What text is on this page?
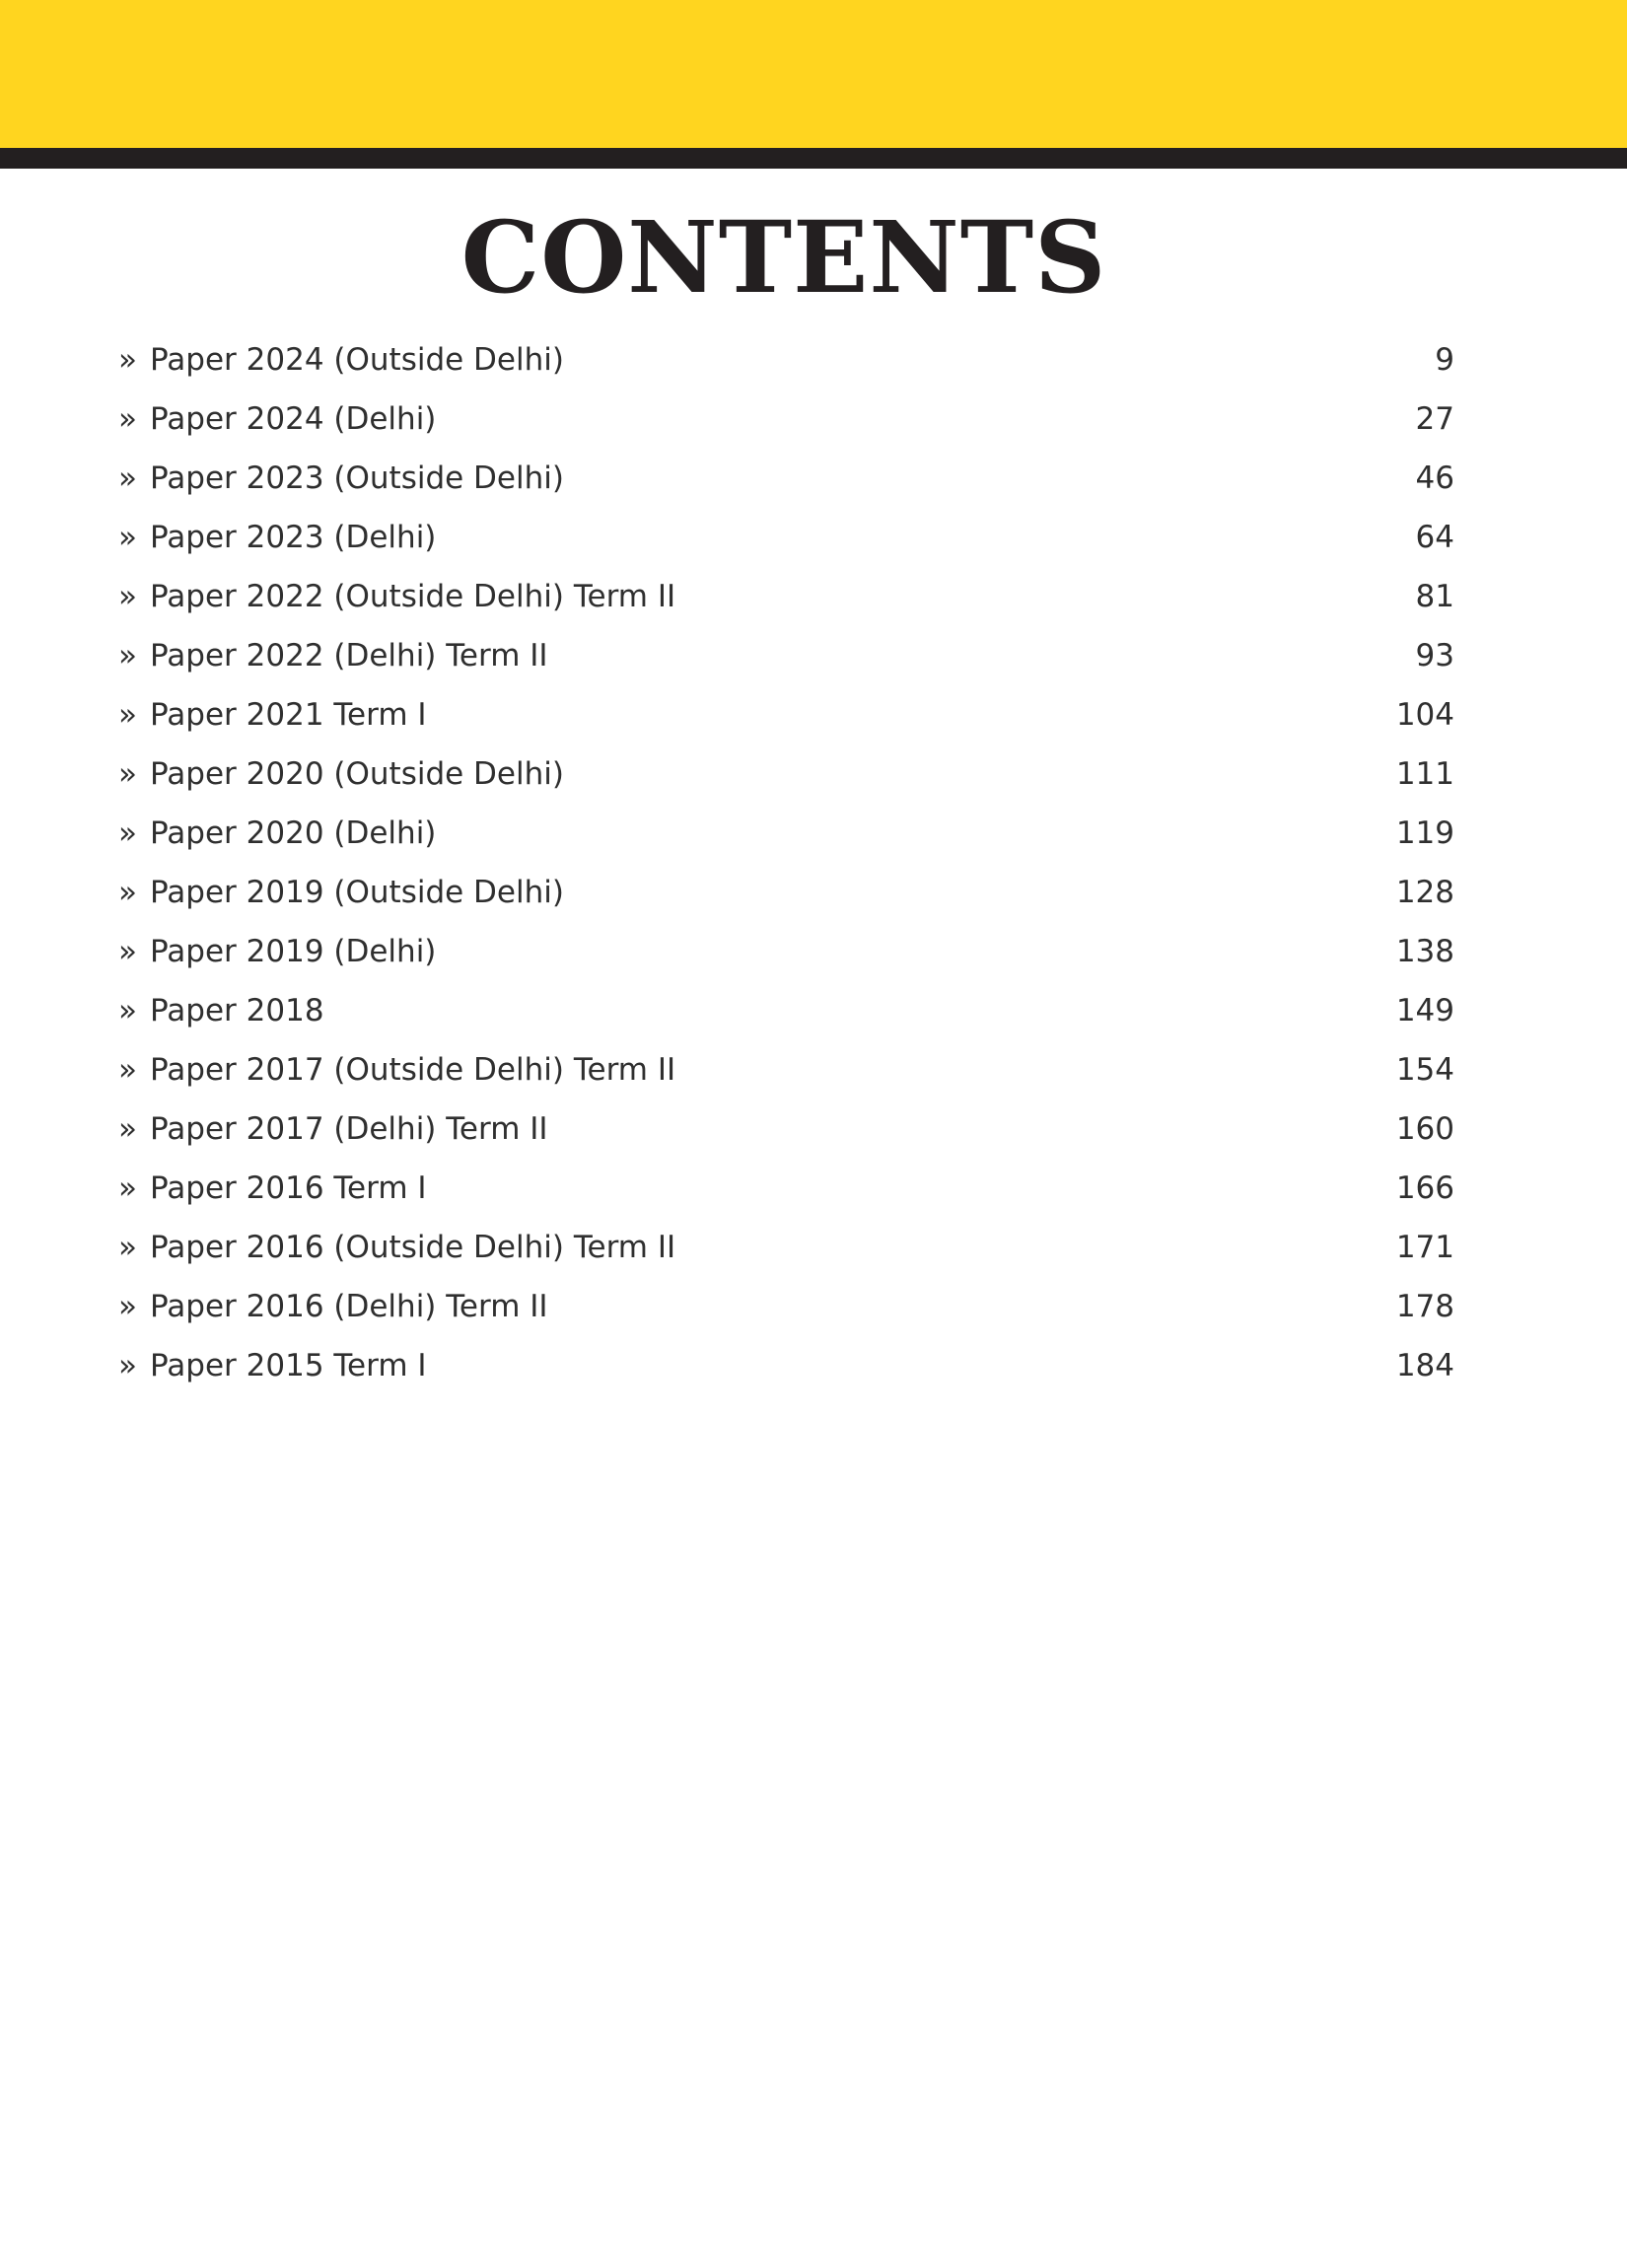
CONTENTS
» Paper 2024 (Outside Delhi)	9
» Paper 2024 (Delhi)	27
» Paper 2023 (Outside Delhi)	46
» Paper 2023 (Delhi)	64
» Paper 2022 (Outside Delhi) Term II	81
» Paper 2022 (Delhi) Term II	93
» Paper 2021 Term I	104
» Paper 2020 (Outside Delhi)	111
» Paper 2020 (Delhi)	119
» Paper 2019 (Outside Delhi)	128
» Paper 2019 (Delhi)	138
» Paper 2018	149
» Paper 2017 (Outside Delhi) Term II	154
» Paper 2017 (Delhi) Term II	160
» Paper 2016 Term I	166
» Paper 2016 (Outside Delhi) Term II	171
» Paper 2016 (Delhi) Term II	178
» Paper 2015 Term I	184
